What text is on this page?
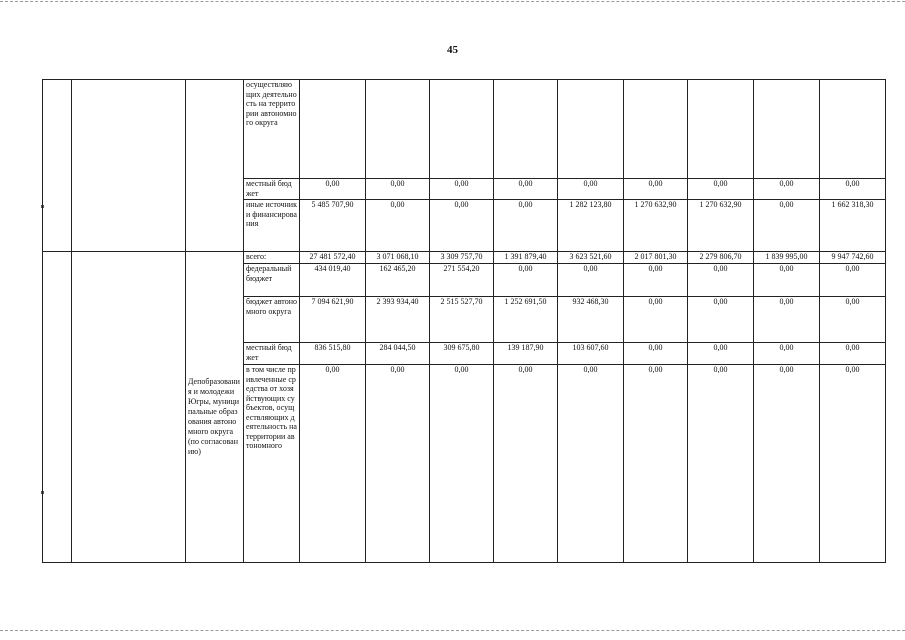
45
			осуществляющих деятельность на территории автономного округа									
			местный бюджет	0,00	0,00	0,00	0,00	0,00	0,00	0,00	0,00	0,00
			иные источники финансирования	5 485 707,90	0,00	0,00	0,00	1 282 123,80	1 270 632,90	1 270 632,90	0,00	1 662 318,30
		Депобразования и молодежи Югры, муниципальные образования автономного округа (по согласованию)	всего:	27 481 572,40	3 071 068,10	3 309 757,70	1 391 879,40	3 623 521,60	2 017 801,30	2 279 806,70	1 839 995,00	9 947 742,60
			федеральный бюджет	434 019,40	162 465,20	271 554,20	0,00	0,00	0,00	0,00	0,00	0,00
			бюджет автономного округа	7 094 621,90	2 393 934,40	2 515 527,70	1 252 691,50	932 468,30	0,00	0,00	0,00	0,00
			местный бюджет	836 515,80	284 044,50	309 675,80	139 187,90	103 607,60	0,00	0,00	0,00	0,00
			в том числе привлеченные средства от хозяйствующих субъектов, осуществляющих деятельность на территории автономного	0,00	0,00	0,00	0,00	0,00	0,00	0,00	0,00	0,00
